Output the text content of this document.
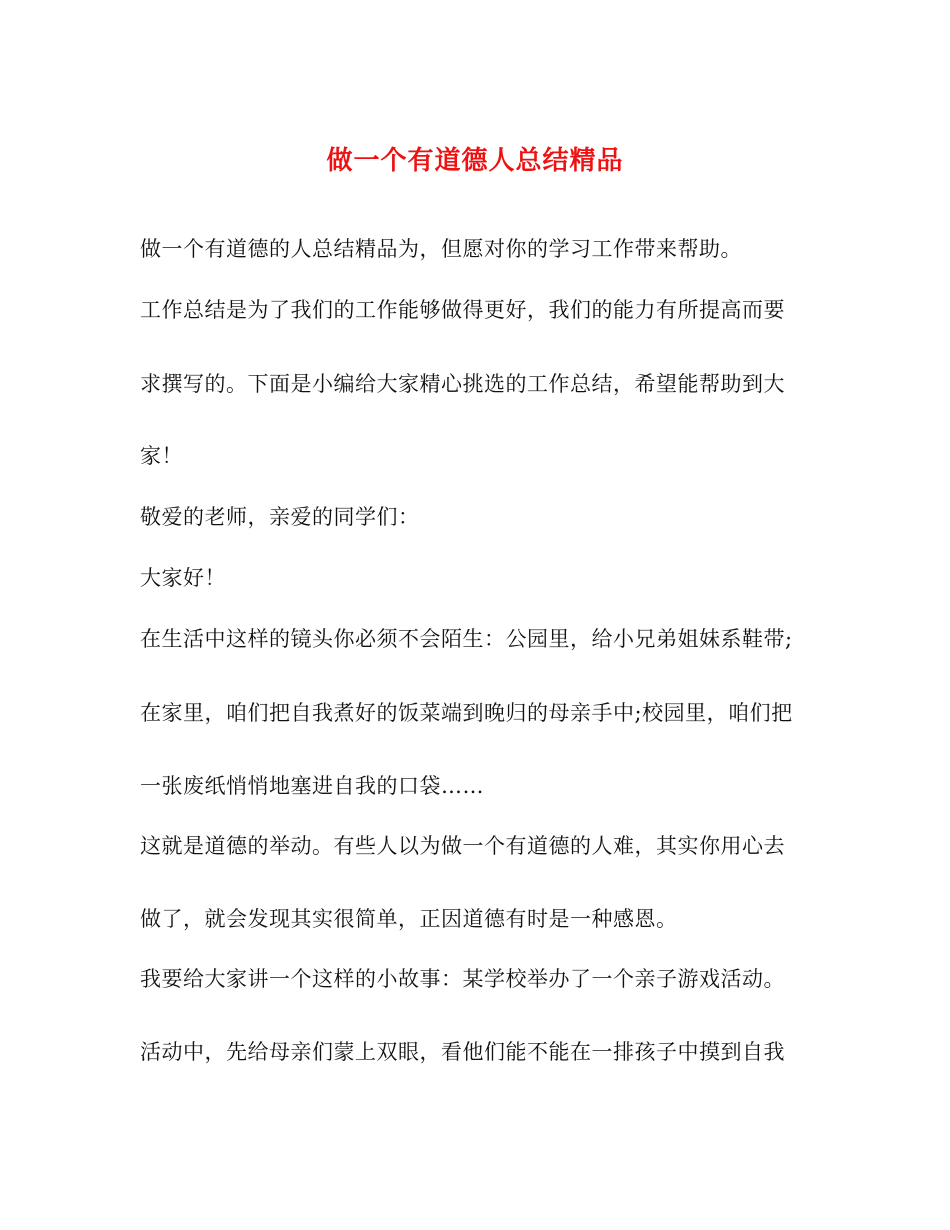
做一个有道德人总结精品
做一个有道德的人总结精品为，但愿对你的学习工作带来帮助。
工作总结是为了我们的工作能够做得更好，我们的能力有所提高而要
求撰写的。下面是小编给大家精心挑选的工作总结，希望能帮助到大
家！
敬爱的老师，亲爱的同学们：
大家好！
在生活中这样的镜头你必须不会陌生：公园里，给小兄弟姐妹系鞋带;
在家里，咱们把自我煮好的饭菜端到晚归的母亲手中;校园里，咱们把
一张废纸悄悄地塞进自我的口袋……
这就是道德的举动。有些人以为做一个有道德的人难，其实你用心去
做了，就会发现其实很简单，正因道德有时是一种感恩。
我要给大家讲一个这样的小故事：某学校举办了一个亲子游戏活动。
活动中，先给母亲们蒙上双眼，看他们能不能在一排孩子中摸到自我
